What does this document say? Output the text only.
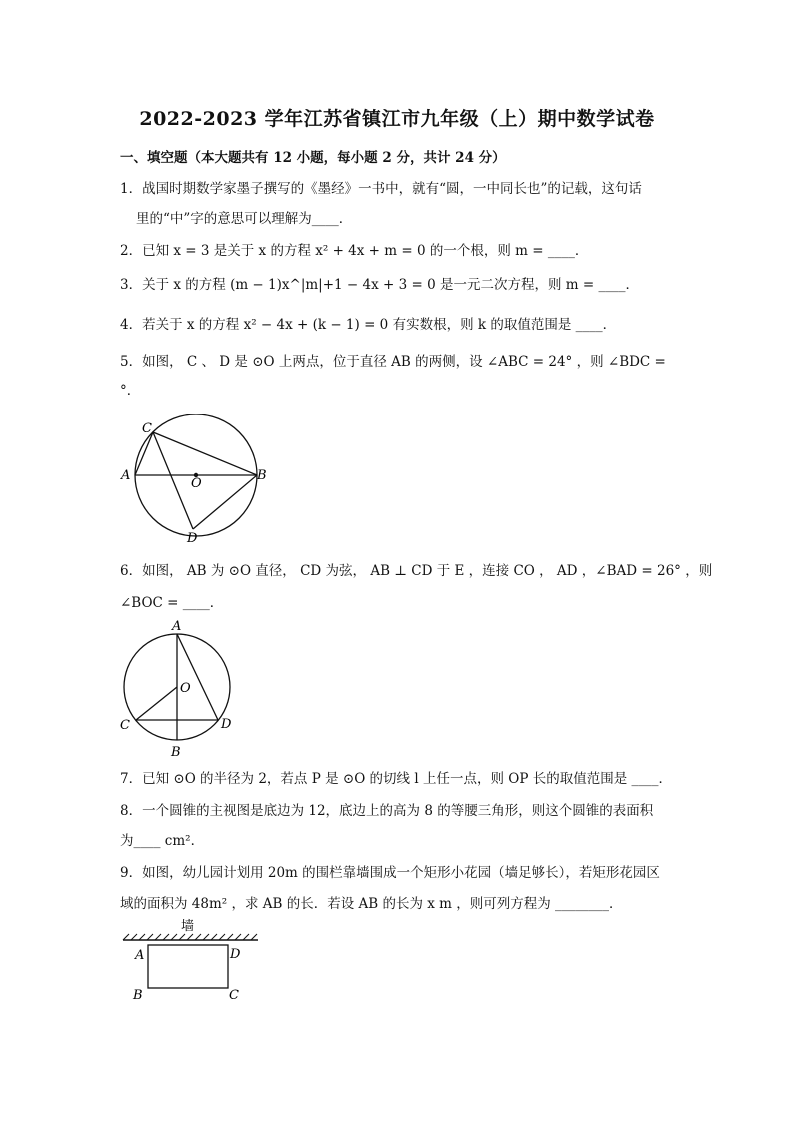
2022-2023 学年江苏省镇江市九年级（上）期中数学试卷
一、填空题（本大题共有 12 小题，每小题 2 分，共计 24 分）
1．战国时期数学家墨子撰写的《墨经》一书中，就有“圆，一中同长也”的记载，这句话
里的“中”字的意思可以理解为____．
2．已知 x = 3 是关于 x 的方程 x² + 4x + m = 0 的一个根，则 m = ____．
3．关于 x 的方程 (m − 1)x^|m|+1 − 4x + 3 = 0 是一元二次方程，则 m = ____．
4．若关于 x 的方程 x² − 4x + (k − 1) = 0 有实数根，则 k 的取值范围是 ____．
5．如图， C 、 D 是 ⊙O 上两点，位于直径 AB 的两侧，设 ∠ABC = 24° ，则 ∠BDC =
°．
A	B
C
D
O
6．如图， AB 为 ⊙O 直径， CD 为弦， AB ⊥ CD 于 E ，连接 CO ， AD ，∠BAD = 26° ，则
∠BOC = ____．
A
B
C	D
O
7．已知 ⊙O 的半径为 2，若点 P 是 ⊙O 的切线 l 上任一点，则 OP 长的取值范围是 ____．
8．一个圆锥的主视图是底边为 12，底边上的高为 8 的等腰三角形，则这个圆锥的表面积
为____ cm²．
9．如图，幼儿园计划用 20m 的围栏靠墙围成一个矩形小花园（墙足够长），若矩形花园区
域的面积为 48m² ，求 AB 的长．若设 AB 的长为 x m ，则可列方程为 ________．
墙
A
B	C
D
